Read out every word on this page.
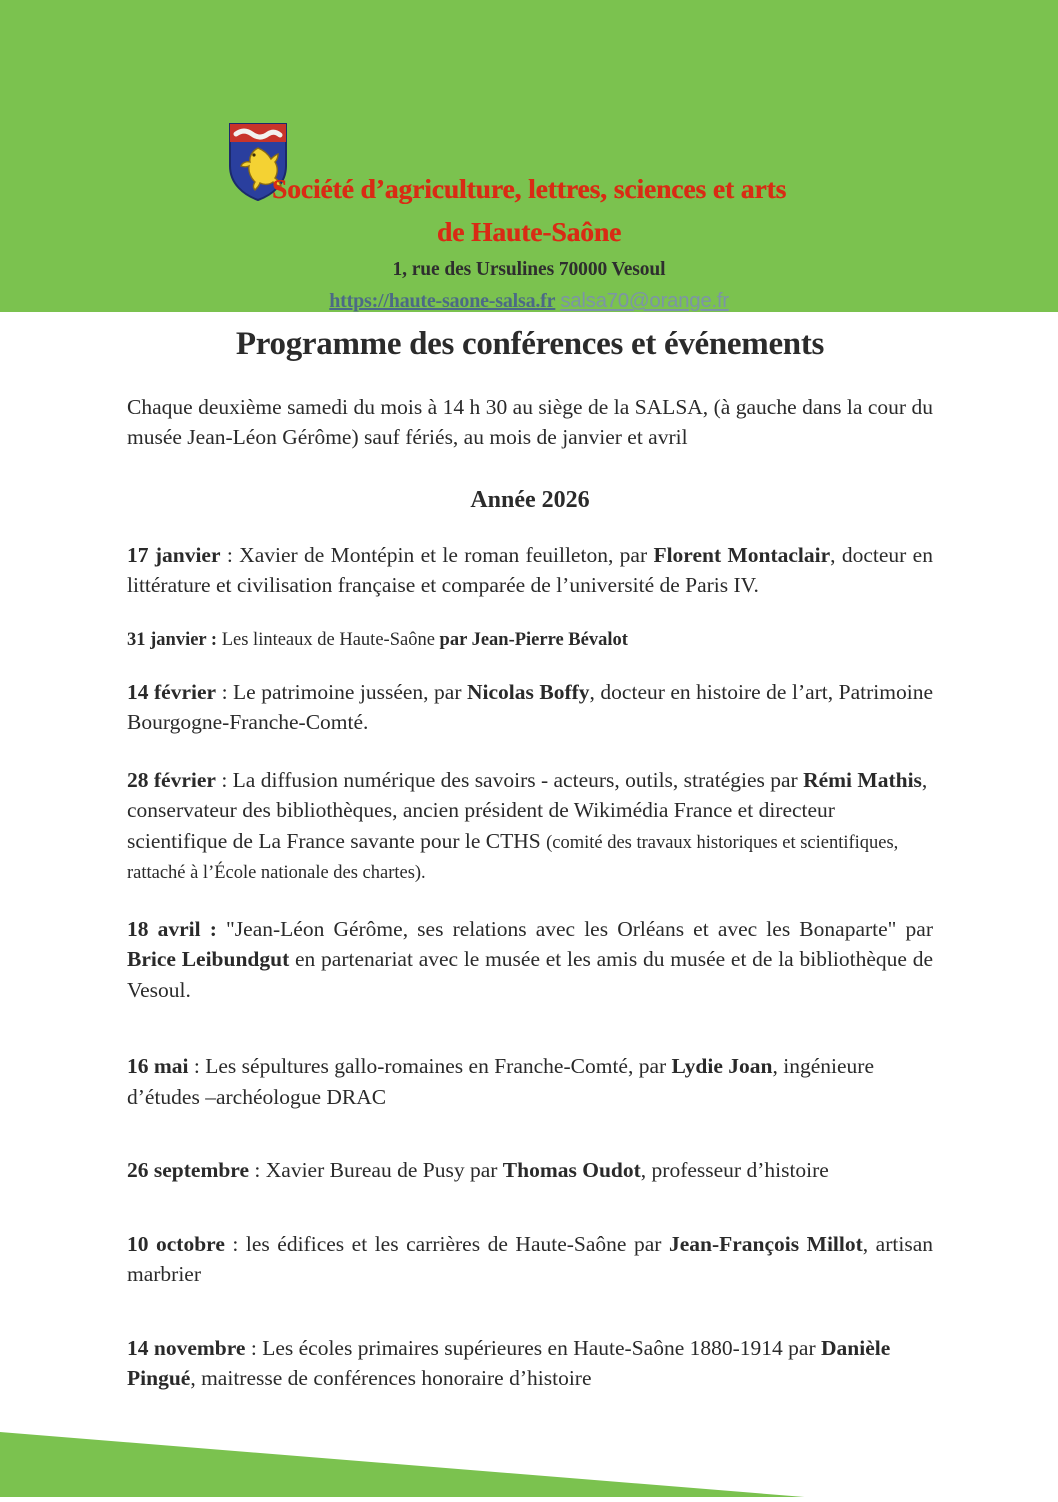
Société d’agriculture, lettres, sciences et arts
de Haute-Saône
1, rue des Ursulines 70000 Vesoul
https://haute-saone-salsa.fr salsa70@orange.fr
Programme des conférences et événements

Chaque deuxième samedi du mois à 14 h 30 au siège de la SALSA, (à gauche dans la cour du musée Jean-Léon Gérôme) sauf fériés, au mois de janvier et avril

Année 2026

17 janvier : Xavier de Montépin et le roman feuilleton, par Florent Montaclair, docteur en littérature et civilisation française et comparée de l’université de Paris IV.

31 janvier : Les linteaux de Haute-Saône par Jean-Pierre Bévalot

14 février : Le patrimoine jusséen, par Nicolas Boffy, docteur en histoire de l’art, Patrimoine Bourgogne-Franche-Comté.

28 février : La diffusion numérique des savoirs - acteurs, outils, stratégies par Rémi Mathis, conservateur des bibliothèques, ancien président de Wikimédia France et directeur scientifique de La France savante pour le CTHS (comité des travaux historiques et scientifiques, rattaché à l’École nationale des chartes).

18 avril : "Jean-Léon Gérôme, ses relations avec les Orléans et avec les Bonaparte" par Brice Leibundgut en partenariat avec le musée et les amis du musée et de la bibliothèque de Vesoul.

16 mai : Les sépultures gallo-romaines en Franche-Comté, par Lydie Joan, ingénieure d’études –archéologue DRAC

26 septembre : Xavier Bureau de Pusy par Thomas Oudot, professeur d’histoire

10 octobre : les édifices et les carrières de Haute-Saône par Jean-François Millot, artisan marbrier

14 novembre : Les écoles primaires supérieures en Haute-Saône 1880-1914 par Danièle Pingué, maitresse de conférences honoraire d’histoire
